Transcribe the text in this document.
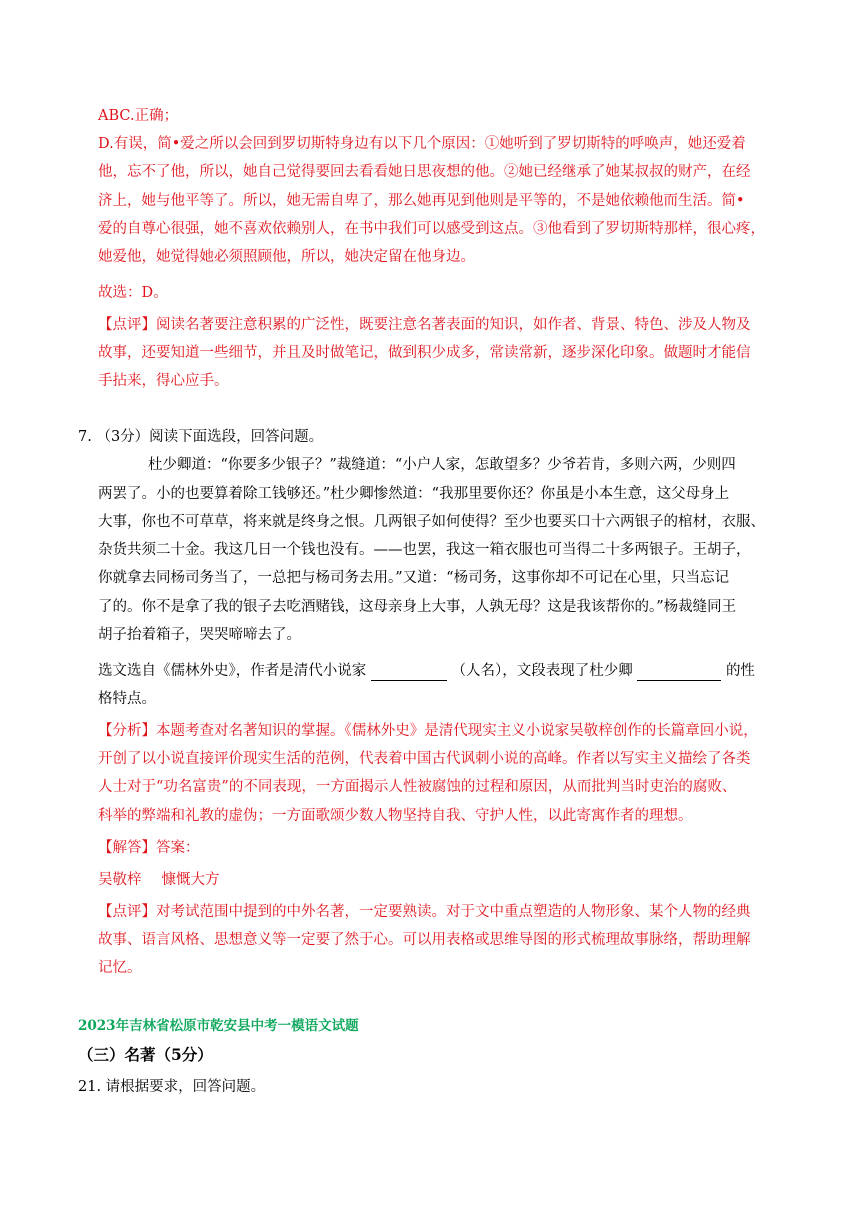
ABC.正确；
D.有误，简•爱之所以会回到罗切斯特身边有以下几个原因：①她听到了罗切斯特的呼唤声，她还爱着
他，忘不了他，所以，她自己觉得要回去看看她日思夜想的他。②她已经继承了她某叔叔的财产，在经
济上，她与他平等了。所以，她无需自卑了，那么她再见到他则是平等的，不是她依赖他而生活。简•
爱的自尊心很强，她不喜欢依赖别人，在书中我们可以感受到这点。③他看到了罗切斯特那样，很心疼，
她爱他，她觉得她必须照顾他，所以，她决定留在他身边。
故选：D。
【点评】阅读名著要注意积累的广泛性，既要注意名著表面的知识，如作者、背景、特色、涉及人物及
故事，还要知道一些细节，并且及时做笔记，做到积少成多，常读常新，逐步深化印象。做题时才能信
手拈来，得心应手。
7. （3分）阅读下面选段，回答问题。
杜少卿道：“你要多少银子？”裁缝道：“小户人家，怎敢望多？少爷若肯，多则六两，少则四
两罢了。小的也要算着除工钱够还。”杜少卿惨然道：“我那里要你还？你虽是小本生意，这父母身上
大事，你也不可草草，将来就是终身之恨。几两银子如何使得？至少也要买口十六两银子的棺材，衣服、
杂货共须二十金。我这几日一个钱也没有。——也罢，我这一箱衣服也可当得二十多两银子。王胡子，
你就拿去同杨司务当了，一总把与杨司务去用。”又道：“杨司务，这事你却不可记在心里，只当忘记
了的。你不是拿了我的银子去吃酒赌钱，这母亲身上大事，人孰无母？这是我该帮你的。”杨裁缝同王
胡子抬着箱子，哭哭啼啼去了。
选文选自《儒林外史》，作者是清代小说家	（人名），文段表现了杜少卿	的性
格特点。
【分析】本题考查对名著知识的掌握。《儒林外史》是清代现实主义小说家吴敬梓创作的长篇章回小说，
开创了以小说直接评价现实生活的范例，代表着中国古代讽刺小说的高峰。作者以写实主义描绘了各类
人士对于“功名富贵”的不同表现，一方面揭示人性被腐蚀的过程和原因，从而批判当时吏治的腐败、
科举的弊端和礼教的虚伪；一方面歌颂少数人物坚持自我、守护人性，以此寄寓作者的理想。
【解答】答案：
吴敬梓 慷慨大方
【点评】对考试范围中提到的中外名著，一定要熟读。对于文中重点塑造的人物形象、某个人物的经典
故事、语言风格、思想意义等一定要了然于心。可以用表格或思维导图的形式梳理故事脉络，帮助理解
记忆。
2023年吉林省松原市乾安县中考一模语文试题
（三）名著（5分）
21. 请根据要求，回答问题。
